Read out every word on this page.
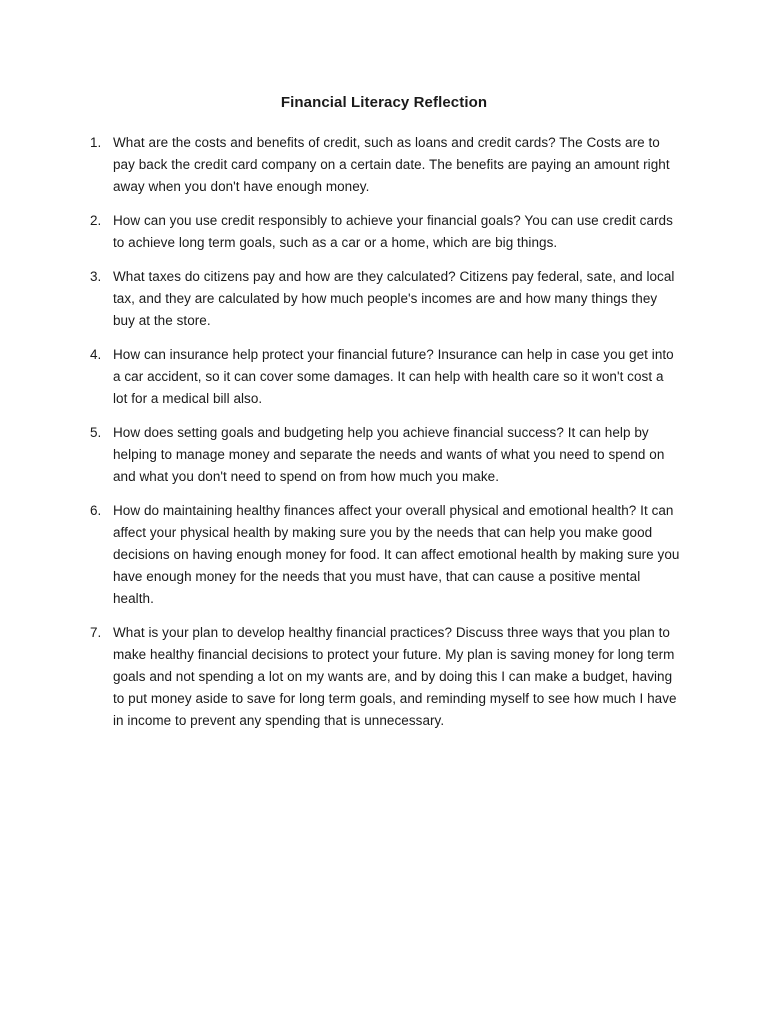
Financial Literacy Reflection
1. What are the costs and benefits of credit, such as loans and credit cards? The Costs are to pay back the credit card company on a certain date. The benefits are paying an amount right away when you don't have enough money.
2. How can you use credit responsibly to achieve your financial goals? You can use credit cards to achieve long term goals, such as a car or a home, which are big things.
3. What taxes do citizens pay and how are they calculated? Citizens pay federal, sate, and local tax, and they are calculated by how much people's incomes are and how many things they buy at the store.
4. How can insurance help protect your financial future? Insurance can help in case you get into a car accident, so it can cover some damages. It can help with health care so it won't cost a lot for a medical bill also.
5. How does setting goals and budgeting help you achieve financial success? It can help by helping to manage money and separate the needs and wants of what you need to spend on and what you don't need to spend on from how much you make.
6. How do maintaining healthy finances affect your overall physical and emotional health? It can affect your physical health by making sure you by the needs that can help you make good decisions on having enough money for food. It can affect emotional health by making sure you have enough money for the needs that you must have, that can cause a positive mental health.
7. What is your plan to develop healthy financial practices? Discuss three ways that you plan to make healthy financial decisions to protect your future. My plan is saving money for long term goals and not spending a lot on my wants are, and by doing this I can make a budget, having to put money aside to save for long term goals, and reminding myself to see how much I have in income to prevent any spending that is unnecessary.
